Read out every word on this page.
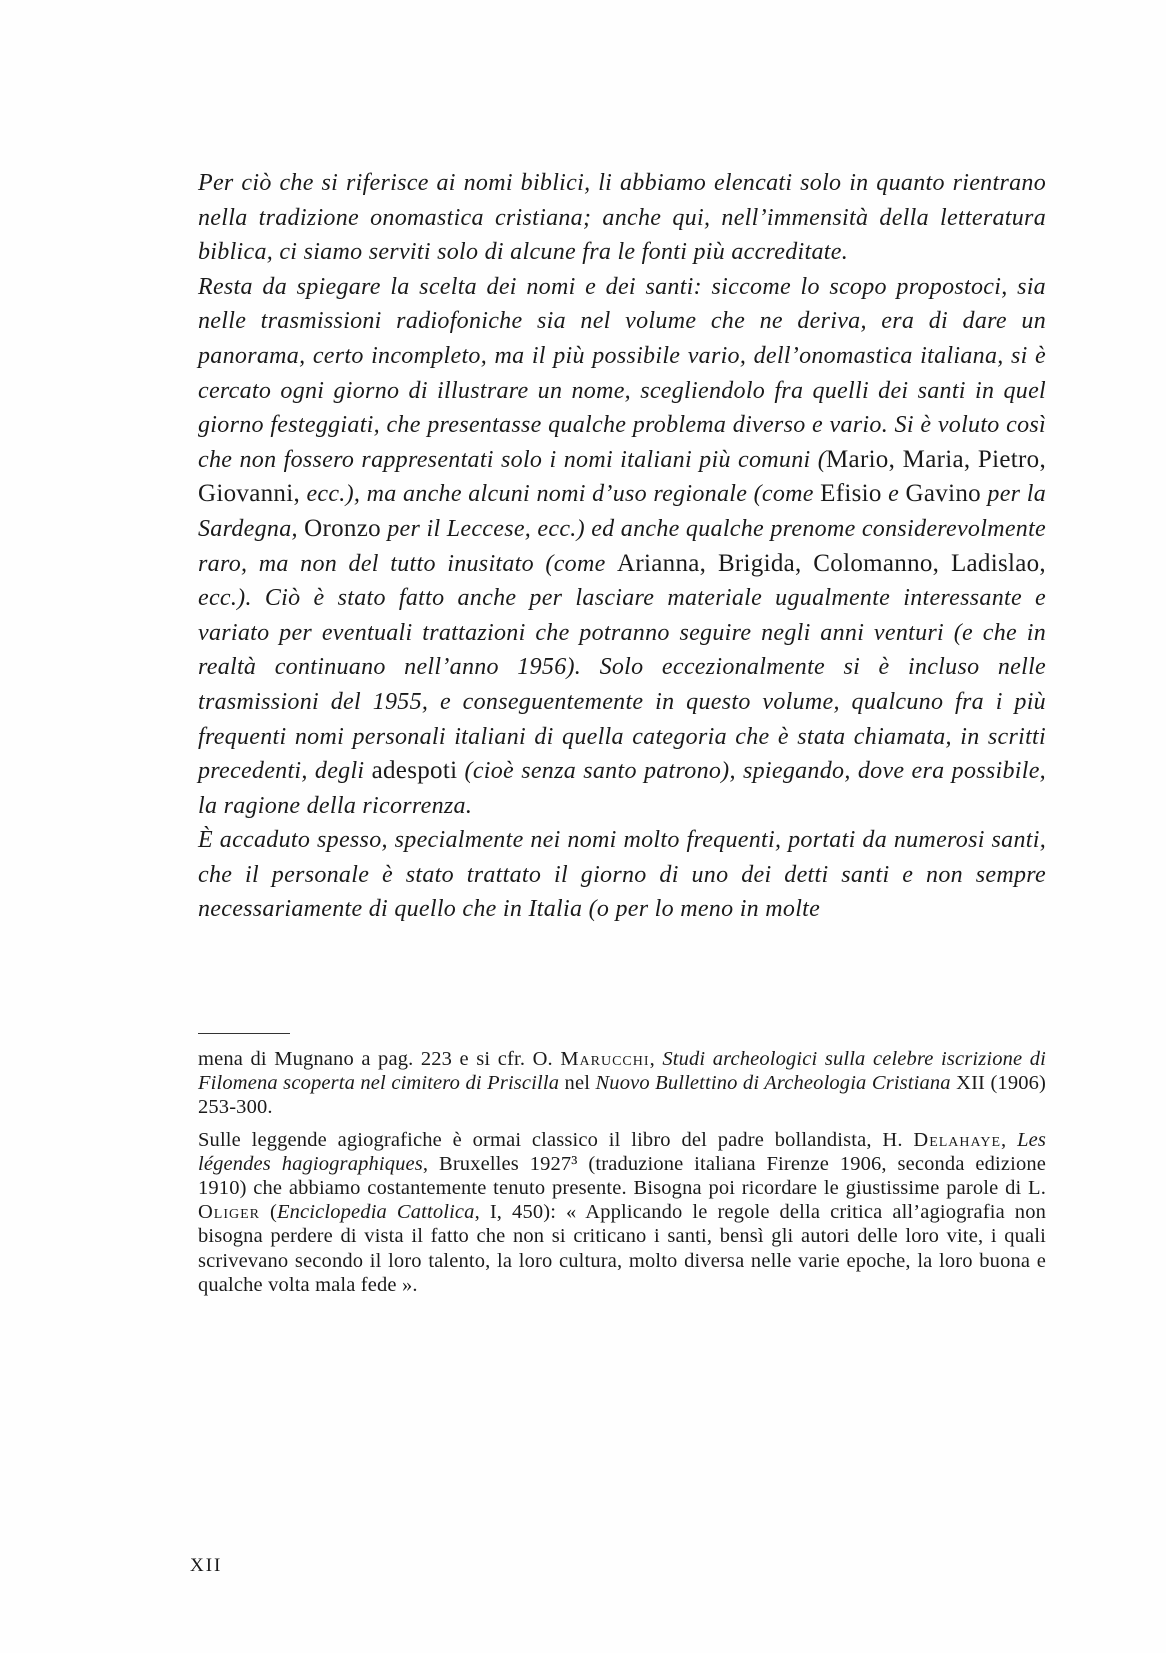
Per ciò che si riferisce ai nomi biblici, li abbiamo elencati solo in quanto rientrano nella tradizione onomastica cristiana; anche qui, nell’immensità della letteratura biblica, ci siamo serviti solo di alcune fra le fonti più accreditate.

Resta da spiegare la scelta dei nomi e dei santi: siccome lo scopo propostoci, sia nelle trasmissioni radiofoniche sia nel volume che ne deriva, era di dare un panorama, certo incompleto, ma il più possibile vario, dell’onomastica italiana, si è cercato ogni giorno di illustrare un nome, scegliendolo fra quelli dei santi in quel giorno festeggiati, che presentasse qualche problema diverso e vario. Si è voluto così che non fossero rappresentati solo i nomi italiani più comuni (Mario, Maria, Pietro, Giovanni, ecc.), ma anche alcuni nomi d’uso regionale (come Efisio e Gavino per la Sardegna, Oronzo per il Leccese, ecc.) ed anche qualche prenome considerevolmente raro, ma non del tutto inusitato (come Arianna, Brigida, Colomanno, Ladislao, ecc.). Ciò è stato fatto anche per lasciare materiale ugualmente interessante e variato per eventuali trattazioni che potranno seguire negli anni venturi (e che in realtà continuano nell’anno 1956). Solo eccezionalmente si è incluso nelle trasmissioni del 1955, e conseguentemente in questo volume, qualcuno fra i più frequenti nomi personali italiani di quella categoria che è stata chiamata, in scritti precedenti, degli adespoti (cioè senza santo patrono), spiegando, dove era possibile, la ragione della ricorrenza.

È accaduto spesso, specialmente nei nomi molto frequenti, portati da numerosi santi, che il personale è stato trattato il giorno di uno dei detti santi e non sempre necessariamente di quello che in Italia (o per lo meno in molte

mena di Mugnano a pag. 223 e si cfr. O. Marucchi, Studi archeologici sulla celebre iscrizione di Filomena scoperta nel cimitero di Priscilla nel Nuovo Bullettino di Archeologia Cristiana XII (1906) 253-300.

Sulle leggende agiografiche è ormai classico il libro del padre bollandista, H. Delahaye, Les légendes hagiographiques, Bruxelles 1927³ (traduzione italiana Firenze 1906, seconda edizione 1910) che abbiamo costantemente tenuto presente. Bisogna poi ricordare le giustissime parole di L. Oliger (Enciclopedia Cattolica, I, 450): « Applicando le regole della critica all’agiografia non bisogna perdere di vista il fatto che non si criticano i santi, bensì gli autori delle loro vite, i quali scrivevano secondo il loro talento, la loro cultura, molto diversa nelle varie epoche, la loro buona e qualche volta mala fede ».

XII
